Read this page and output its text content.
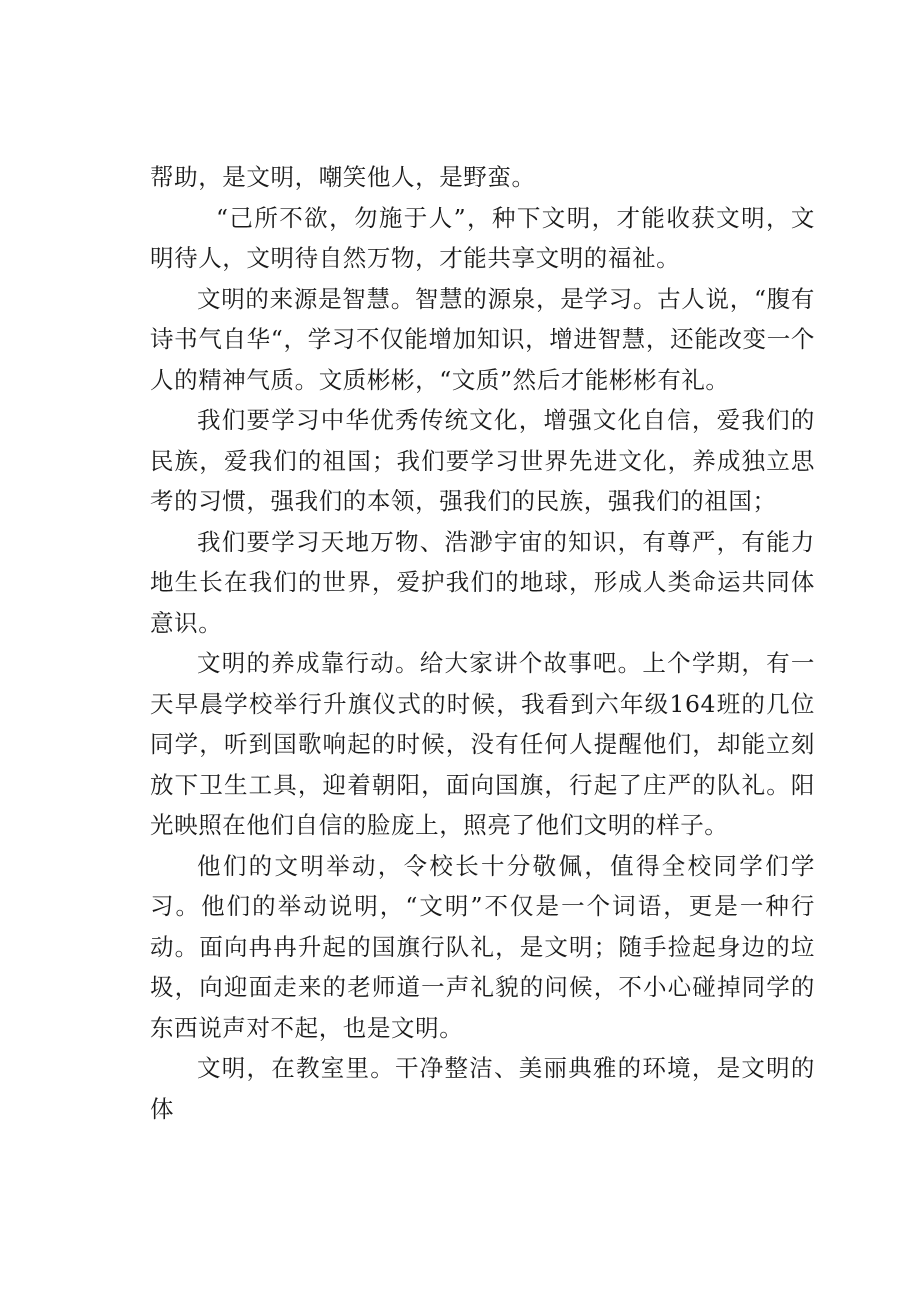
帮助，是文明，嘲笑他人，是野蛮。

“己所不欲，勿施于人”，种下文明，才能收获文明，文明待人，文明待自然万物，才能共享文明的福祉。

文明的来源是智慧。智慧的源泉，是学习。古人说，“腹有诗书气自华“，学习不仅能增加知识，增进智慧，还能改变一个人的精神气质。文质彬彬，“文质”然后才能彬彬有礼。

我们要学习中华优秀传统文化，增强文化自信，爱我们的民族，爱我们的祖国；我们要学习世界先进文化，养成独立思考的习惯，强我们的本领，强我们的民族，强我们的祖国；

我们要学习天地万物、浩渺宇宙的知识，有尊严，有能力地生长在我们的世界，爱护我们的地球，形成人类命运共同体意识。

文明的养成靠行动。给大家讲个故事吧。上个学期，有一天早晨学校举行升旗仪式的时候，我看到六年级164班的几位同学，听到国歌响起的时候，没有任何人提醒他们，却能立刻放下卫生工具，迎着朝阳，面向国旗，行起了庄严的队礼。阳光映照在他们自信的脸庞上，照亮了他们文明的样子。

他们的文明举动，令校长十分敬佩，值得全校同学们学习。他们的举动说明，“文明”不仅是一个词语，更是一种行动。面向冉冉升起的国旗行队礼，是文明；随手捡起身边的垃圾，向迎面走来的老师道一声礼貌的问候，不小心碰掉同学的东西说声对不起，也是文明。

文明，在教室里。干净整洁、美丽典雅的环境，是文明的体
